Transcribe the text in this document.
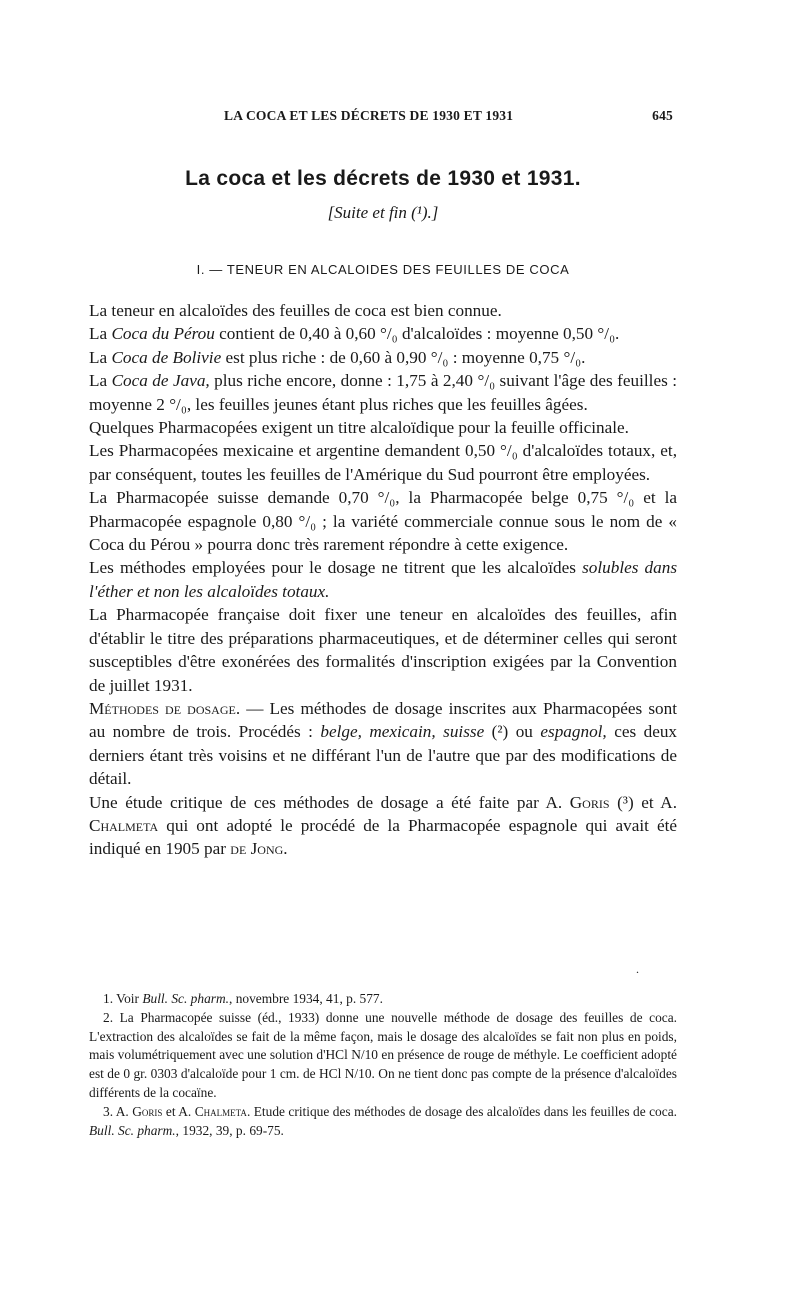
LA COCA ET LES DÉCRETS DE 1930 ET 1931	645
La coca et les décrets de 1930 et 1931.
[Suite et fin (¹).]
I. — TENEUR EN ALCALOIDES DES FEUILLES DE COCA

La teneur en alcaloïdes des feuilles de coca est bien connue.

La Coca du Pérou contient de 0,40 à 0,60 °/₀ d'alcaloïdes : moyenne 0,50 °/₀.

La Coca de Bolivie est plus riche : de 0,60 à 0,90 °/₀ : moyenne 0,75 °/₀.

La Coca de Java, plus riche encore, donne : 1,75 à 2,40 °/₀ suivant l'âge des feuilles : moyenne 2 °/₀, les feuilles jeunes étant plus riches que les feuilles âgées.

Quelques Pharmacopées exigent un titre alcaloïdique pour la feuille officinale.

Les Pharmacopées mexicaine et argentine demandent 0,50 °/₀ d'alcaloïdes totaux, et, par conséquent, toutes les feuilles de l'Amérique du Sud pourront être employées.

La Pharmacopée suisse demande 0,70 °/₀, la Pharmacopée belge 0,75 °/₀ et la Pharmacopée espagnole 0,80 °/₀ ; la variété commerciale connue sous le nom de « Coca du Pérou » pourra donc très rarement répondre à cette exigence.

Les méthodes employées pour le dosage ne titrent que les alcaloïdes solubles dans l'éther et non les alcaloïdes totaux.

La Pharmacopée française doit fixer une teneur en alcaloïdes des feuilles, afin d'établir le titre des préparations pharmaceutiques, et de déterminer celles qui seront susceptibles d'être exonérées des formalités d'inscription exigées par la Convention de juillet 1931.

Méthodes de dosage. — Les méthodes de dosage inscrites aux Pharmacopées sont au nombre de trois. Procédés : belge, mexicain, suisse (²) ou espagnol, ces deux derniers étant très voisins et ne différant l'un de l'autre que par des modifications de détail.

Une étude critique de ces méthodes de dosage a été faite par A. Goris (³) et A. Chalmeta qui ont adopté le procédé de la Pharmacopée espagnole qui avait été indiqué en 1905 par de Jong.

.

1. Voir Bull. Sc. pharm., novembre 1934, 41, p. 577.

2. La Pharmacopée suisse (éd., 1933) donne une nouvelle méthode de dosage des feuilles de coca. L'extraction des alcaloïdes se fait de la même façon, mais le dosage des alcaloïdes se fait non plus en poids, mais volumétriquement avec une solution d'HCl N/10 en présence de rouge de méthyle. Le coefficient adopté est de 0 gr. 0303 d'alcaloïde pour 1 cm. de HCl N/10. On ne tient donc pas compte de la présence d'alcaloïdes différents de la cocaïne.

3. A. Goris et A. Chalmeta. Etude critique des méthodes de dosage des alcaloïdes dans les feuilles de coca. Bull. Sc. pharm., 1932, 39, p. 69-75.
